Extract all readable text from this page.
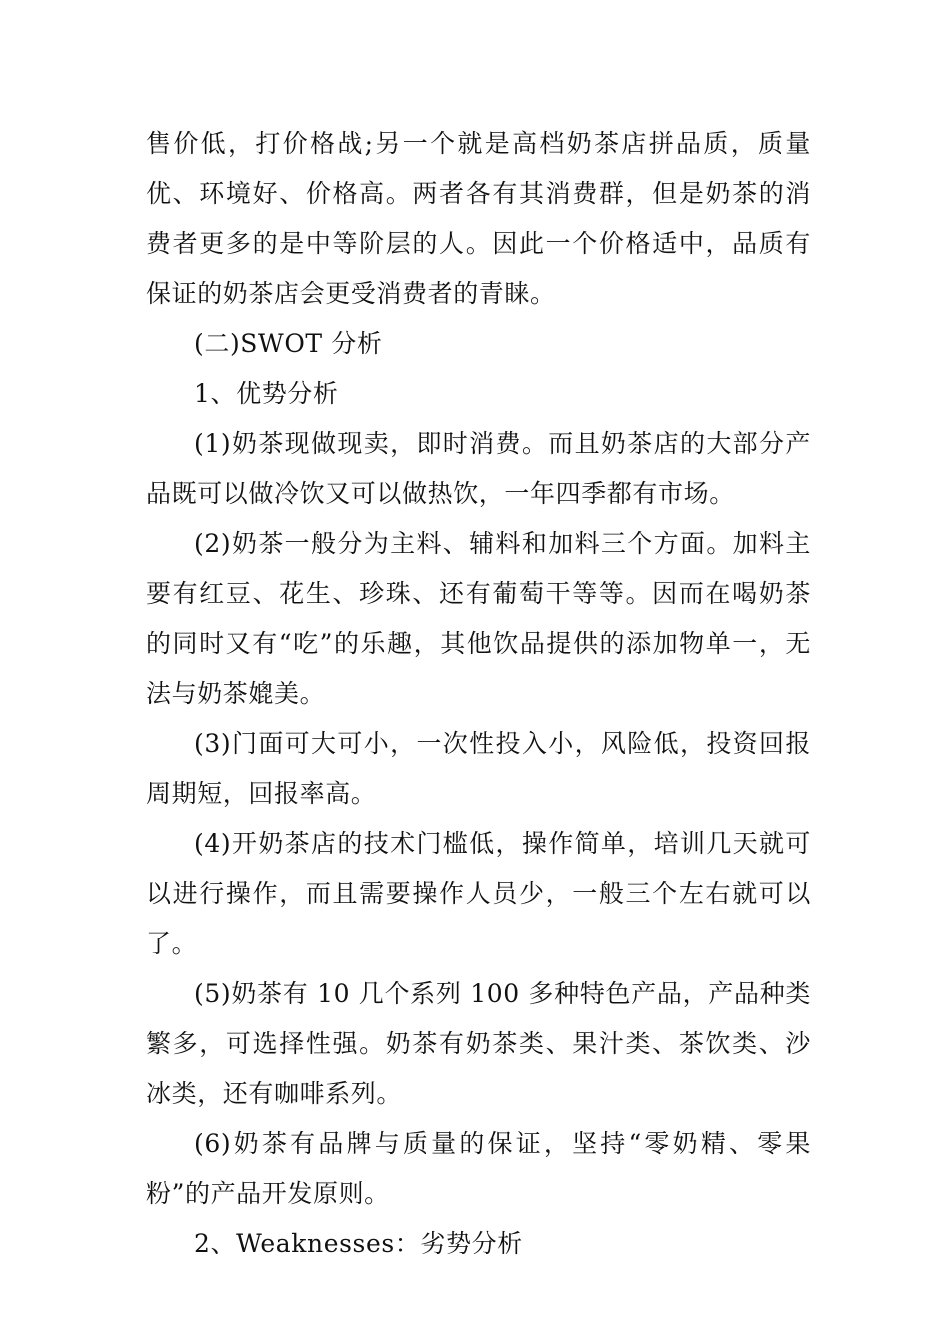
售价低，打价格战;另一个就是高档奶茶店拼品质，质量优、环境好、价格高。两者各有其消费群，但是奶茶的消费者更多的是中等阶层的人。因此一个价格适中，品质有保证的奶茶店会更受消费者的青睐。

(二)SWOT 分析

1、优势分析

(1)奶茶现做现卖，即时消费。而且奶茶店的大部分产品既可以做冷饮又可以做热饮，一年四季都有市场。

(2)奶茶一般分为主料、辅料和加料三个方面。加料主要有红豆、花生、珍珠、还有葡萄干等等。因而在喝奶茶的同时又有“吃”的乐趣，其他饮品提供的添加物单一，无法与奶茶媲美。

(3)门面可大可小，一次性投入小，风险低，投资回报周期短，回报率高。

(4)开奶茶店的技术门槛低，操作简单，培训几天就可以进行操作，而且需要操作人员少，一般三个左右就可以了。

(5)奶茶有 10 几个系列 100 多种特色产品，产品种类繁多，可选择性强。奶茶有奶茶类、果汁类、茶饮类、沙冰类，还有咖啡系列。

(6)奶茶有品牌与质量的保证，坚持“零奶精、零果粉”的产品开发原则。

2、Weaknesses：劣势分析
